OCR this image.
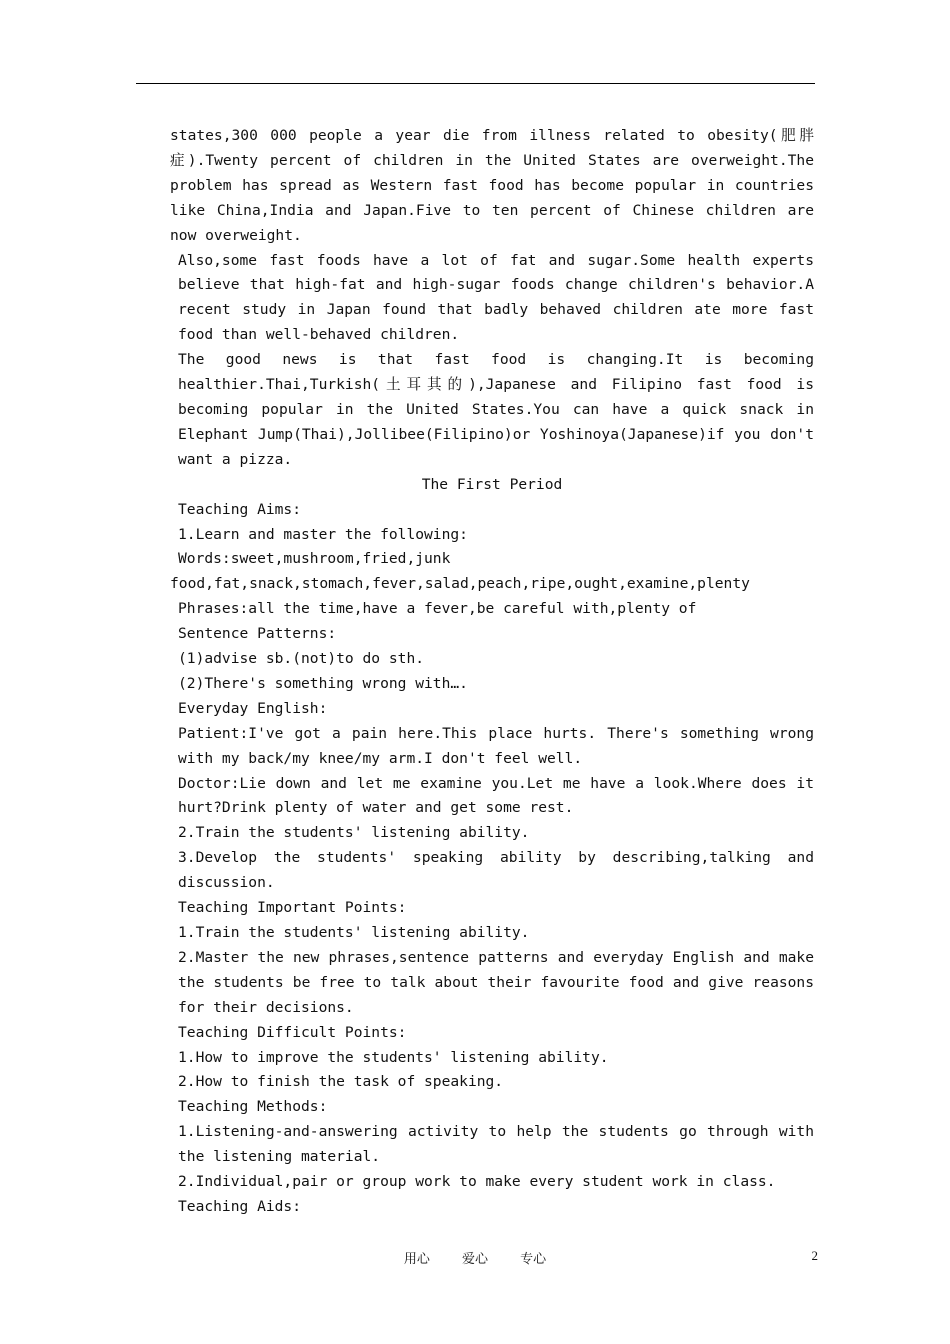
states,300 000 people a year die from illness related to obesity(肥胖症).Twenty percent of children in the United States are overweight.The problem has spread as Western fast food has become popular in countries like China,India and Japan.Five to ten percent of Chinese children are now overweight.

Also,some fast foods have a lot of fat and sugar.Some health experts believe that high-fat and high-sugar foods change children's behavior.A recent study in Japan found that badly behaved children ate more fast food than well-behaved children.

The good news is that fast food is changing.It is becoming healthier.Thai,Turkish(土耳其的),Japanese and Filipino fast food is becoming popular in the United States.You can have a quick snack in Elephant Jump(Thai),Jollibee(Filipino)or Yoshinoya(Japanese)if you don't want a pizza.

The First Period

Teaching Aims:

1.Learn and master the following:

Words:sweet,mushroom,fried,junk

food,fat,snack,stomach,fever,salad,peach,ripe,ought,examine,plenty

Phrases:all the time,have a fever,be careful with,plenty of

Sentence Patterns:

(1)advise sb.(not)to do sth.

(2)There's something wrong with….

Everyday English:

Patient:I've got a pain here.This place hurts. There's something wrong with my back/my knee/my arm.I don't feel well.

Doctor:Lie down and let me examine you.Let me have a look.Where does it hurt?Drink plenty of water and get some rest.

2.Train the students' listening ability.

3.Develop the students' speaking ability by describing,talking and discussion.

Teaching Important Points:

1.Train the students' listening ability.

2.Master the new phrases,sentence patterns and everyday English and make the students be free to talk about their favourite food and give reasons for their decisions.

Teaching Difficult Points:

1.How to improve the students' listening ability.

2.How to finish the task of speaking.

Teaching Methods:

1.Listening-and-answering activity to help the students go through with the listening material.

2.Individual,pair or group work to make every student work in class.

Teaching Aids:

用心 爱心 专心	2
